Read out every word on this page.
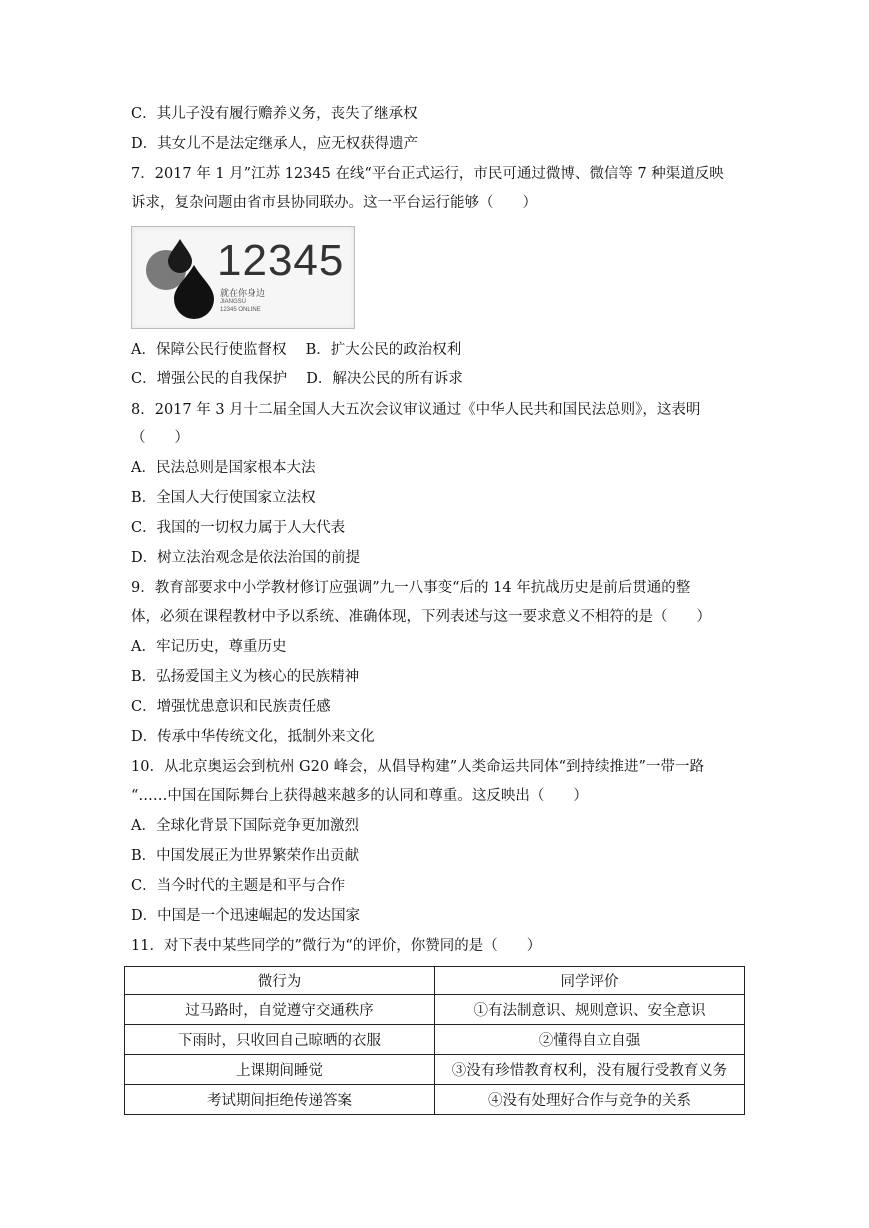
C．其儿子没有履行赡养义务，丧失了继承权
D．其女儿不是法定继承人，应无权获得遗产
7．2017 年 1 月”江苏 12345 在线“平台正式运行，市民可通过微博、微信等 7 种渠道反映
诉求，复杂问题由省市县协同联办。这一平台运行能够（　　）
12345
就在你身边
JIANGSU
12345 ONLINE
A．保障公民行使监督权　 B．扩大公民的政治权利
C．增强公民的自我保护　 D．解决公民的所有诉求
8．2017 年 3 月十二届全国人大五次会议审议通过《中华人民共和国民法总则》，这表明
（　　）
A．民法总则是国家根本大法
B．全国人大行使国家立法权
C．我国的一切权力属于人大代表
D．树立法治观念是依法治国的前提
9．教育部要求中小学教材修订应强调”九一八事变“后的 14 年抗战历史是前后贯通的整
体，必须在课程教材中予以系统、准确体现，下列表述与这一要求意义不相符的是（　　）
A．牢记历史，尊重历史
B．弘扬爱国主义为核心的民族精神
C．增强忧患意识和民族责任感
D．传承中华传统文化，抵制外来文化
10．从北京奥运会到杭州 G20 峰会，从倡导构建”人类命运共同体“到持续推进”一带一路
“……中国在国际舞台上获得越来越多的认同和尊重。这反映出（　　）
A．全球化背景下国际竞争更加激烈
B．中国发展正为世界繁荣作出贡献
C．当今时代的主题是和平与合作
D．中国是一个迅速崛起的发达国家
11．对下表中某些同学的”微行为“的评价，你赞同的是（　　）
微行为	同学评价
过马路时，自觉遵守交通秩序	①有法制意识、规则意识、安全意识
下雨时，只收回自己晾晒的衣服	②懂得自立自强
上课期间睡觉	③没有珍惜教育权利，没有履行受教育义务
考试期间拒绝传递答案	④没有处理好合作与竞争的关系
